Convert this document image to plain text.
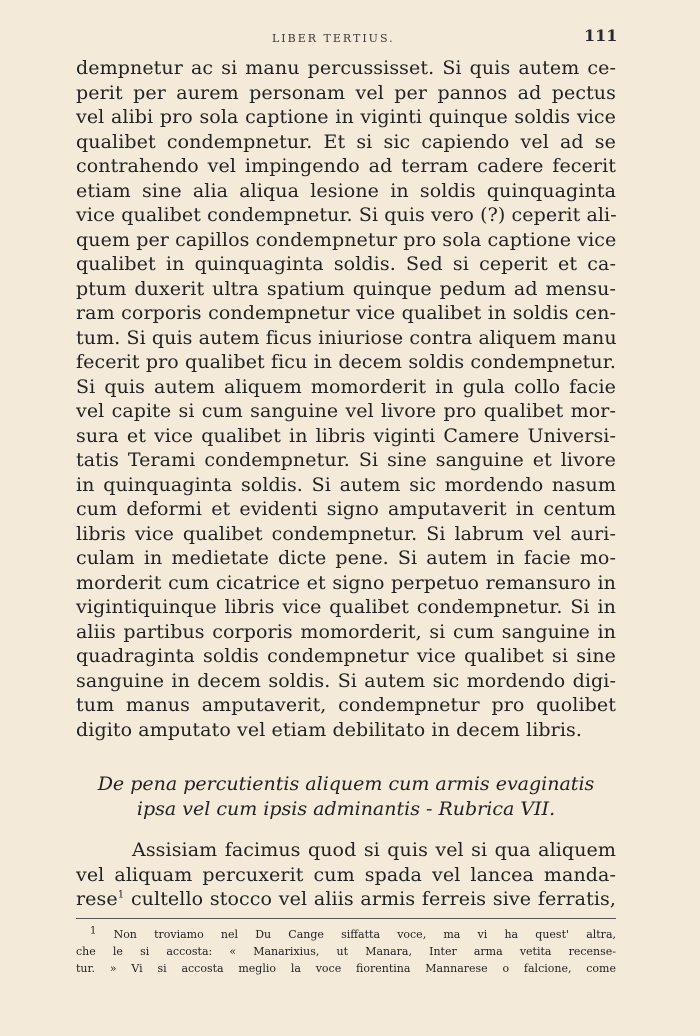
LIBER TERTIUS.	111
dempnetur ac si manu percussisset. Si quis autem ce-
perit per aurem personam vel per pannos ad pectus
vel alibi pro sola captione in viginti quinque soldis vice
qualibet condempnetur. Et si sic capiendo vel ad se
contrahendo vel impingendo ad terram cadere fecerit
etiam sine alia aliqua lesione in soldis quinquaginta
vice qualibet condempnetur. Si quis vero (?) ceperit ali-
quem per capillos condempnetur pro sola captione vice
qualibet in quinquaginta soldis. Sed si ceperit et ca-
ptum duxerit ultra spatium quinque pedum ad mensu-
ram corporis condempnetur vice qualibet in soldis cen-
tum. Si quis autem ficus iniuriose contra aliquem manu
fecerit pro qualibet ficu in decem soldis condempnetur.
Si quis autem aliquem momorderit in gula collo facie
vel capite si cum sanguine vel livore pro qualibet mor-
sura et vice qualibet in libris viginti Camere Universi-
tatis Terami condempnetur. Si sine sanguine et livore
in quinquaginta soldis. Si autem sic mordendo nasum
cum deformi et evidenti signo amputaverit in centum
libris vice qualibet condempnetur. Si labrum vel auri-
culam in medietate dicte pene. Si autem in facie mo-
morderit cum cicatrice et signo perpetuo remansuro in
vigintiquinque libris vice qualibet condempnetur. Si in
aliis partibus corporis momorderit, si cum sanguine in
quadraginta soldis condempnetur vice qualibet si sine
sanguine in decem soldis. Si autem sic mordendo digi-
tum manus amputaverit, condempnetur pro quolibet
digito amputato vel etiam debilitato in decem libris.
De pena percutientis aliquem cum armis evaginatis
ipsa vel cum ipsis adminantis - Rubrica VII.
Assisiam facimus quod si quis vel si qua aliquem
vel aliquam percuxerit cum spada vel lancea manda-
rese$^1$ cultello stocco vel aliis armis ferreis sive ferratis,
$^1$ Non troviamo nel Du Cange siffatta voce, ma vi ha quest' altra,
che le si accosta: « Manarixius, ut Manara, Inter arma vetita recense-
tur. » Vi si accosta meglio la voce fiorentina Mannarese o falcione, come
